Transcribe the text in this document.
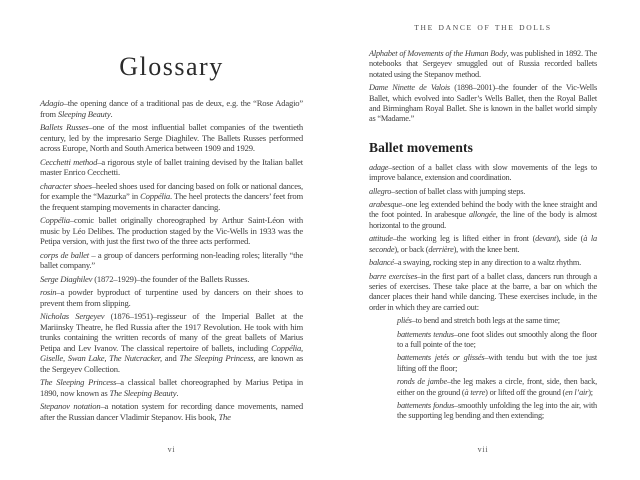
Glossary

Adagio–the opening dance of a traditional pas de deux, e.g. the “Rose Adagio” from Sleeping Beauty.

Ballets Russes–one of the most influential ballet companies of the twentieth century, led by the impresario Serge Diaghilev. The Ballets Russes performed across Europe, North and South America between 1909 and 1929.

Cecchetti method–a rigorous style of ballet training devised by the Italian ballet master Enrico Cecchetti.

character shoes–heeled shoes used for dancing based on folk or national dances, for example the “Mazurka” in Coppélia. The heel protects the dancers’ feet from the frequent stamping movements in character dancing.

Coppélia–comic ballet originally choreographed by Arthur Saint-Léon with music by Léo Delibes. The production staged by the Vic-Wells in 1933 was the Petipa version, with just the first two of the three acts performed.

corps de ballet – a group of dancers performing non-leading roles; literally “the ballet company.”

Serge Diaghilev (1872–1929)–the founder of the Ballets Russes.

rosin–a powder byproduct of turpentine used by dancers on their shoes to prevent them from slipping.

Nicholas Sergeyev (1876–1951)–regisseur of the Imperial Ballet at the Mariinsky Theatre, he fled Russia after the 1917 Revolution. He took with him trunks containing the written records of many of the great ballets of Marius Petipa and Lev Ivanov. The classical repertoire of ballets, including Coppélia, Giselle, Swan Lake, The Nutcracker, and The Sleeping Princess, are known as the Sergeyev Collection.

The Sleeping Princess–a classical ballet choreographed by Marius Petipa in 1890, now known as The Sleeping Beauty.

Stepanov notation–a notation system for recording dance movements, named after the Russian dancer Vladimir Stepanov. His book, The

vi
THE DANCE OF THE DOLLS

Alphabet of Movements of the Human Body, was published in 1892. The notebooks that Sergeyev smuggled out of Russia recorded ballets notated using the Stepanov method.

Dame Ninette de Valois (1898–2001)–the founder of the Vic-Wells Ballet, which evolved into Sadler’s Wells Ballet, then the Royal Ballet and Birmingham Royal Ballet. She is known in the ballet world simply as “Madame.”

Ballet movements

adage–section of a ballet class with slow movements of the legs to improve balance, extension and coordination.

allegro–section of ballet class with jumping steps.

arabesque–one leg extended behind the body with the knee straight and the foot pointed. In arabesque allongée, the line of the body is almost horizontal to the ground.

attitude–the working leg is lifted either in front (devant), side (à la seconde), or back (derrière), with the knee bent.

balancé–a swaying, rocking step in any direction to a waltz rhythm.

barre exercises–in the first part of a ballet class, dancers run through a series of exercises. These take place at the barre, a bar on which the dancer places their hand while dancing. These exercises include, in the order in which they are carried out:

pliés–to bend and stretch both legs at the same time;

battements tendus–one foot slides out smoothly along the floor to a full pointe of the toe;

battements jetés or glissés–with tendu but with the toe just lifting off the floor;

ronds de jambe–the leg makes a circle, front, side, then back, either on the ground (à terre) or lifted off the ground (en l’air);

battements fondus–smoothly unfolding the leg into the air, with the supporting leg bending and then extending;

vii
